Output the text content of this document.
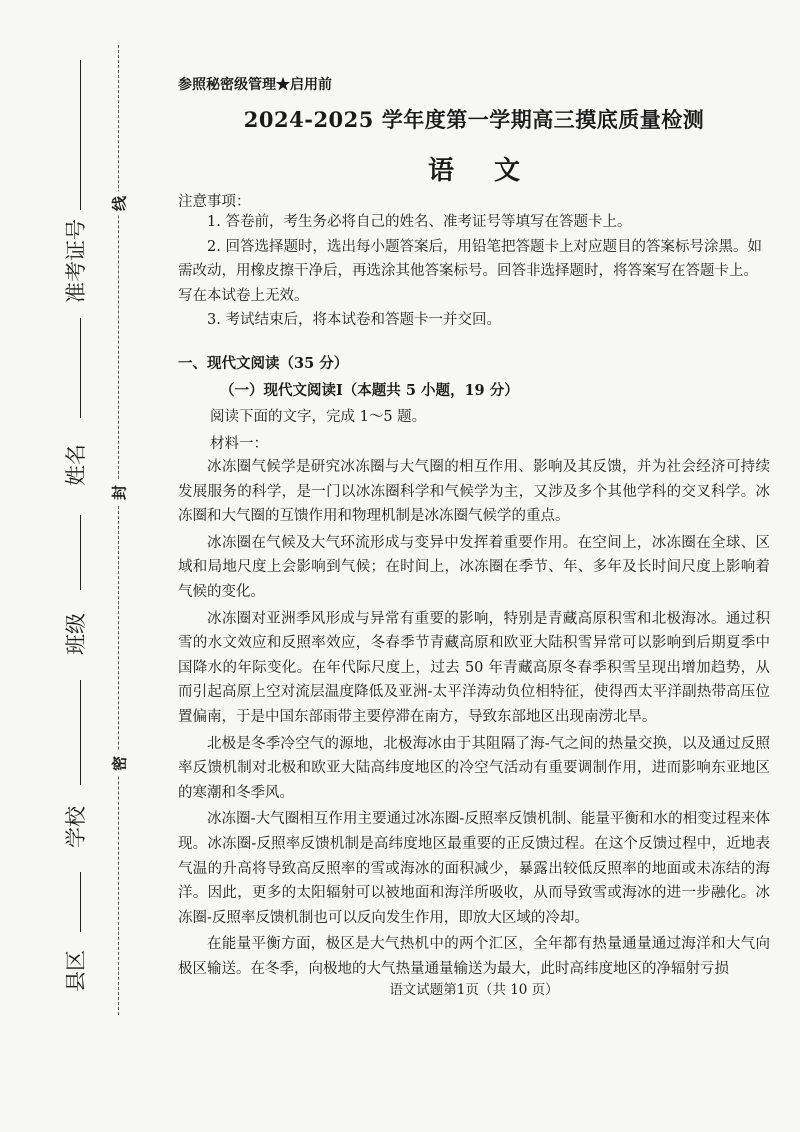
线
封
密
准考证号
姓名
班级
学校
县区
参照秘密级管理★启用前
2024-2025 学年度第一学期高三摸底质量检测
语文
注意事项：

1. 答卷前，考生务必将自己的姓名、准考证号等填写在答题卡上。

2. 回答选择题时，选出每小题答案后，用铅笔把答题卡上对应题目的答案标号涂黑。如需改动，用橡皮擦干净后，再选涂其他答案标号。回答非选择题时，将答案写在答题卡上。写在本试卷上无效。

3. 考试结束后，将本试卷和答题卡一并交回。

一、现代文阅读（35 分）
（一）现代文阅读Ⅰ（本题共 5 小题，19 分）
阅读下面的文字，完成 1～5 题。
材料一：

冰冻圈气候学是研究冰冻圈与大气圈的相互作用、影响及其反馈，并为社会经济可持续发展服务的科学，是一门以冰冻圈科学和气候学为主，又涉及多个其他学科的交叉科学。冰冻圈和大气圈的互馈作用和物理机制是冰冻圈气候学的重点。

冰冻圈在气候及大气环流形成与变异中发挥着重要作用。在空间上，冰冻圈在全球、区域和局地尺度上会影响到气候；在时间上，冰冻圈在季节、年、多年及长时间尺度上影响着气候的变化。

冰冻圈对亚洲季风形成与异常有重要的影响，特别是青藏高原积雪和北极海冰。通过积雪的水文效应和反照率效应，冬春季节青藏高原和欧亚大陆积雪异常可以影响到后期夏季中国降水的年际变化。在年代际尺度上，过去 50 年青藏高原冬春季积雪呈现出增加趋势，从而引起高原上空对流层温度降低及亚洲-太平洋涛动负位相特征，使得西太平洋副热带高压位置偏南，于是中国东部雨带主要停滞在南方，导致东部地区出现南涝北旱。

北极是冬季冷空气的源地，北极海冰由于其阻隔了海-气之间的热量交换，以及通过反照率反馈机制对北极和欧亚大陆高纬度地区的冷空气活动有重要调制作用，进而影响东亚地区的寒潮和冬季风。

冰冻圈-大气圈相互作用主要通过冰冻圈-反照率反馈机制、能量平衡和水的相变过程来体现。冰冻圈-反照率反馈机制是高纬度地区最重要的正反馈过程。在这个反馈过程中，近地表气温的升高将导致高反照率的雪或海冰的面积减少，暴露出较低反照率的地面或未冻结的海洋。因此，更多的太阳辐射可以被地面和海洋所吸收，从而导致雪或海冰的进一步融化。冰冻圈-反照率反馈机制也可以反向发生作用，即放大区域的冷却。

在能量平衡方面，极区是大气热机中的两个汇区，全年都有热量通量通过海洋和大气向极区输送。在冬季，向极地的大气热量通量输送为最大，此时高纬度地区的净辐射亏损

语文试题第1页（共 10 页）
